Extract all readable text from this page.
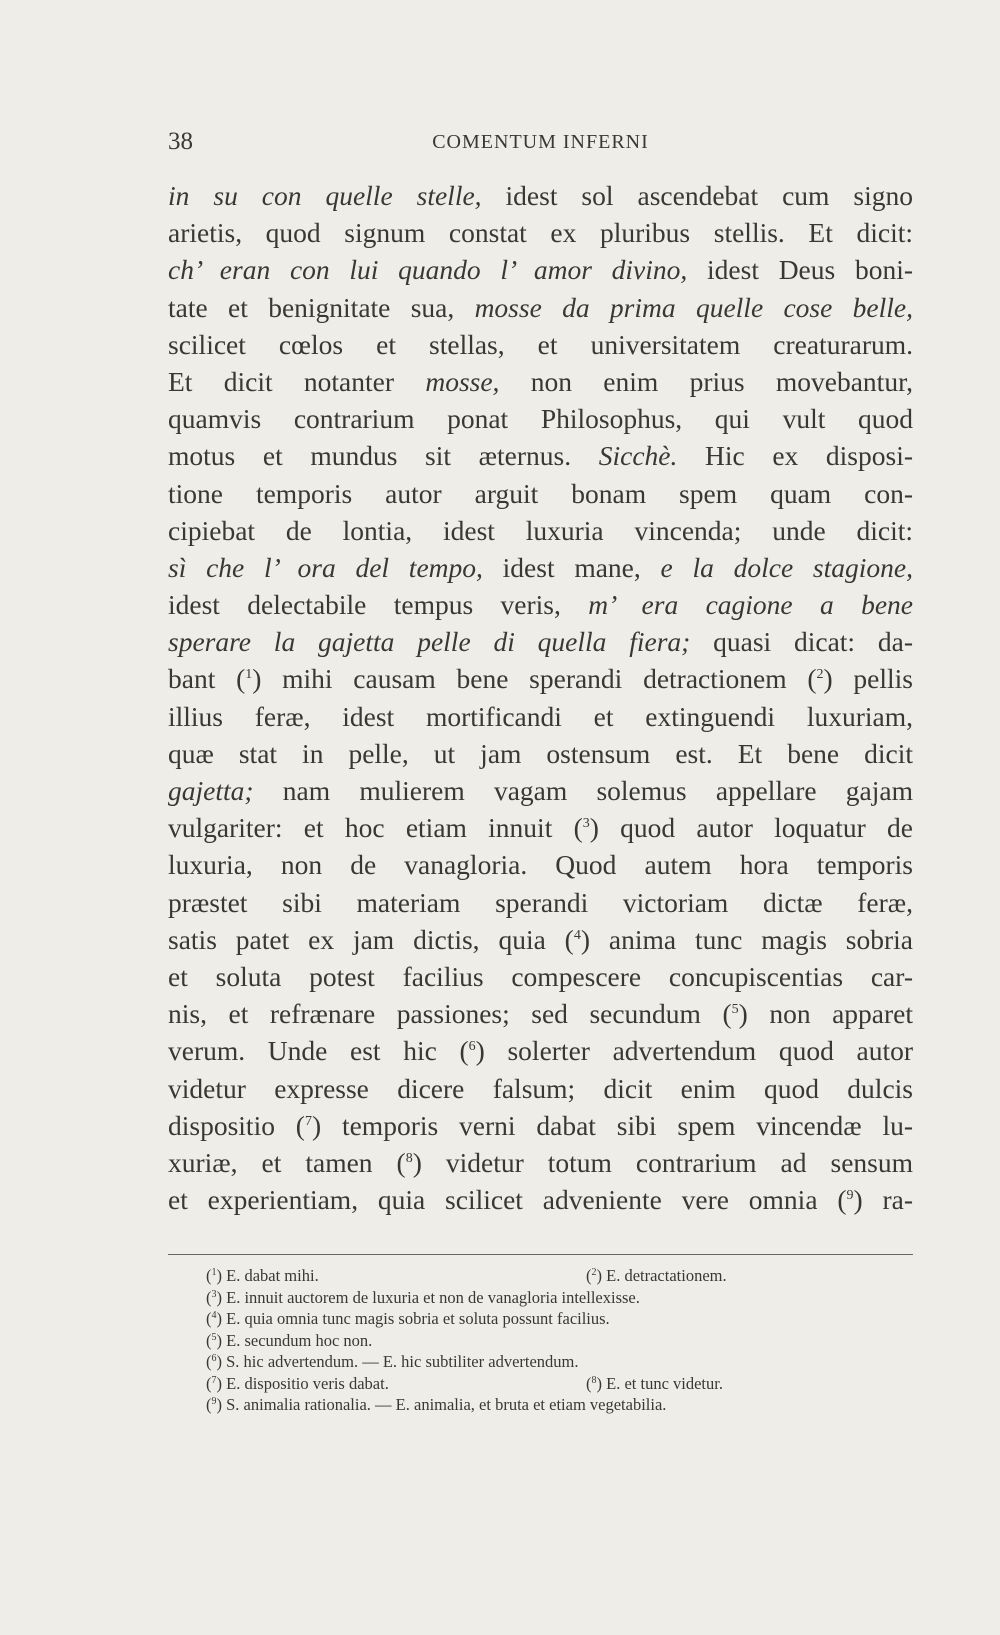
38	COMENTUM INFERNI
in su con quelle stelle, idest sol ascendebat cum signo
arietis, quod signum constat ex pluribus stellis. Et dicit:
ch’ eran con lui quando l’ amor divino, idest Deus boni-
tate et benignitate sua, mosse da prima quelle cose belle,
scilicet cœlos et stellas, et universitatem creaturarum.
Et dicit notanter mosse, non enim prius movebantur,
quamvis contrarium ponat Philosophus, qui vult quod
motus et mundus sit æternus. Sicchè. Hic ex disposi-
tione temporis autor arguit bonam spem quam con-
cipiebat de lontia, idest luxuria vincenda; unde dicit:
sì che l’ ora del tempo, idest mane, e la dolce stagione,
idest delectabile tempus veris, m’ era cagione a bene
sperare la gajetta pelle di quella fiera; quasi dicat: da-
bant ($^1$) mihi causam bene sperandi detractionem ($^2$) pellis
illius feræ, idest mortificandi et extinguendi luxuriam,
quæ stat in pelle, ut jam ostensum est. Et bene dicit
gajetta; nam mulierem vagam solemus appellare gajam
vulgariter: et hoc etiam innuit ($^3$) quod autor loquatur de
luxuria, non de vanagloria. Quod autem hora temporis
præstet sibi materiam sperandi victoriam dictæ feræ,
satis patet ex jam dictis, quia ($^4$) anima tunc magis sobria
et soluta potest facilius compescere concupiscentias car-
nis, et refrænare passiones; sed secundum ($^5$) non apparet
verum. Unde est hic ($^6$) solerter advertendum quod autor
videtur expresse dicere falsum; dicit enim quod dulcis
dispositio ($^7$) temporis verni dabat sibi spem vincendæ lu-
xuriæ, et tamen ($^8$) videtur totum contrarium ad sensum
et experientiam, quia scilicet adveniente vere omnia ($^9$) ra-
($^1$) E. dabat mihi.	($^2$) E. detractationem.
($^3$) E. innuit auctorem de luxuria et non de vanagloria intellexisse.
($^4$) E. quia omnia tunc magis sobria et soluta possunt facilius.
($^5$) E. secundum hoc non.
($^6$) S. hic advertendum. — E. hic subtiliter advertendum.
($^7$) E. dispositio veris dabat.	($^8$) E. et tunc videtur.
($^9$) S. animalia rationalia. — E. animalia, et bruta et etiam vegetabilia.
